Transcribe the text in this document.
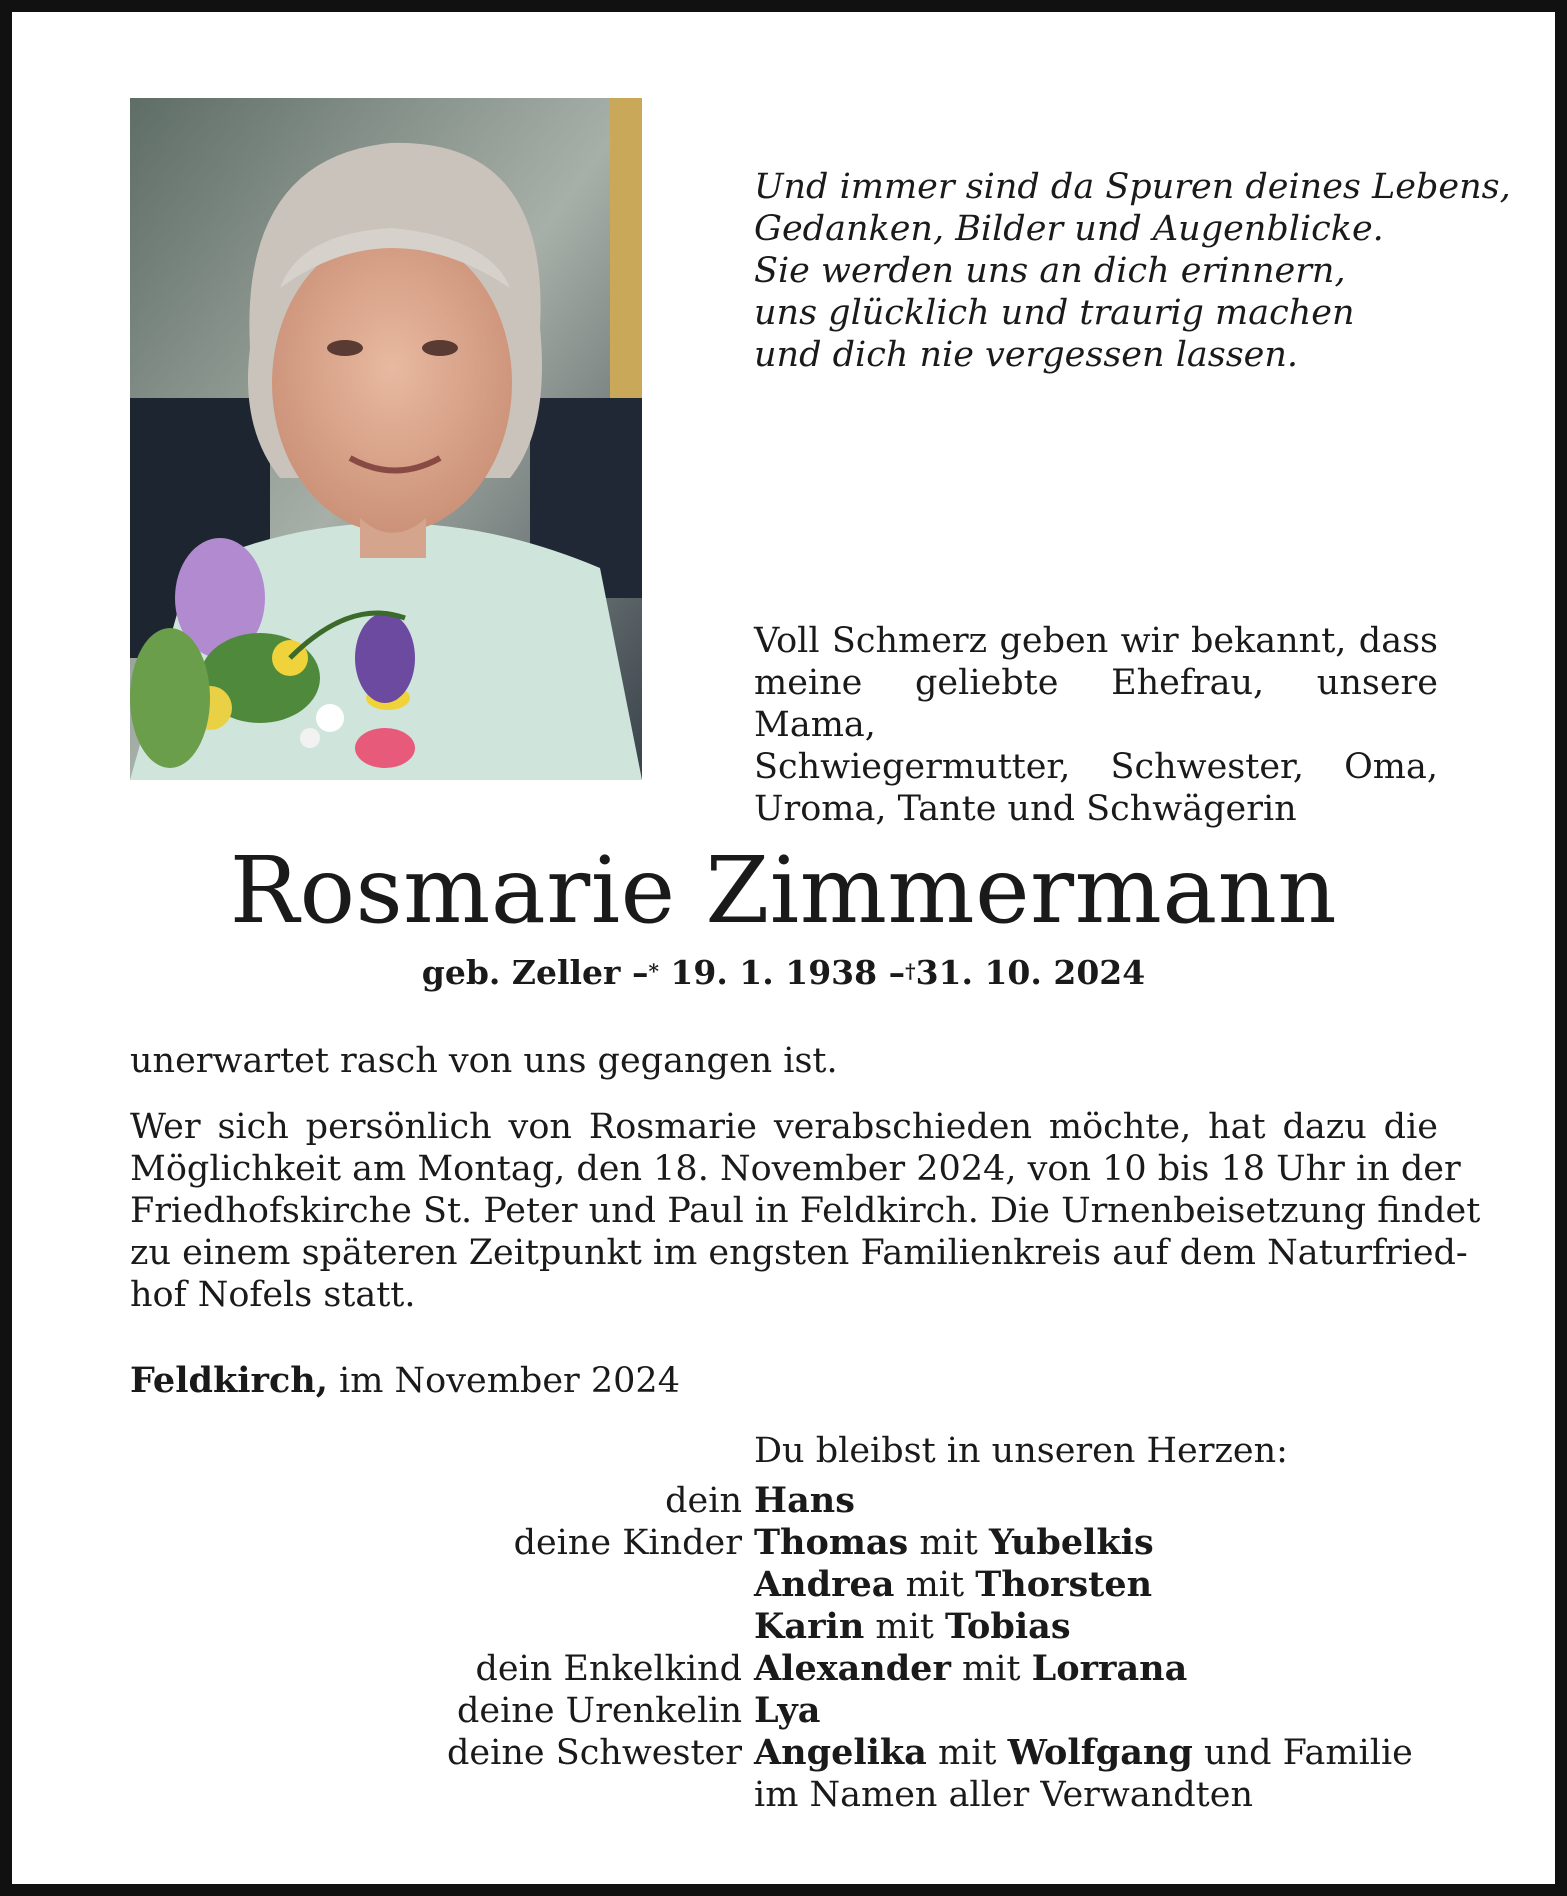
Und immer sind da Spuren deines Lebens,
Gedanken, Bilder und Augenblicke.
Sie werden uns an dich erinnern,
uns glücklich und traurig machen
und dich nie vergessen lassen.
Voll Schmerz geben wir bekannt, dass
meine geliebte Ehefrau, unsere Mama,
Schwiegermutter, Schwester, Oma,
Uroma, Tante und Schwägerin
Rosmarie Zimmermann
geb. Zeller –* 19. 1. 1938 –†31. 10. 2024
unerwartet rasch von uns gegangen ist.
Wer sich persönlich von Rosmarie verabschieden möchte, hat dazu die
Möglichkeit am Montag, den 18. November 2024, von 10 bis 18 Uhr in der
Friedhofskirche St. Peter und Paul in Feldkirch. Die Urnenbeisetzung findet
zu einem späteren Zeitpunkt im engsten Familienkreis auf dem Naturfried-
hof Nofels statt.
Feldkirch, im November 2024
Du bleibst in unseren Herzen:
dein Hans
deine Kinder Thomas mit Yubelkis
Andrea mit Thorsten
Karin mit Tobias
dein Enkelkind Alexander mit Lorrana
deine Urenkelin Lya
deine Schwester Angelika mit Wolfgang und Familie
im Namen aller Verwandten
